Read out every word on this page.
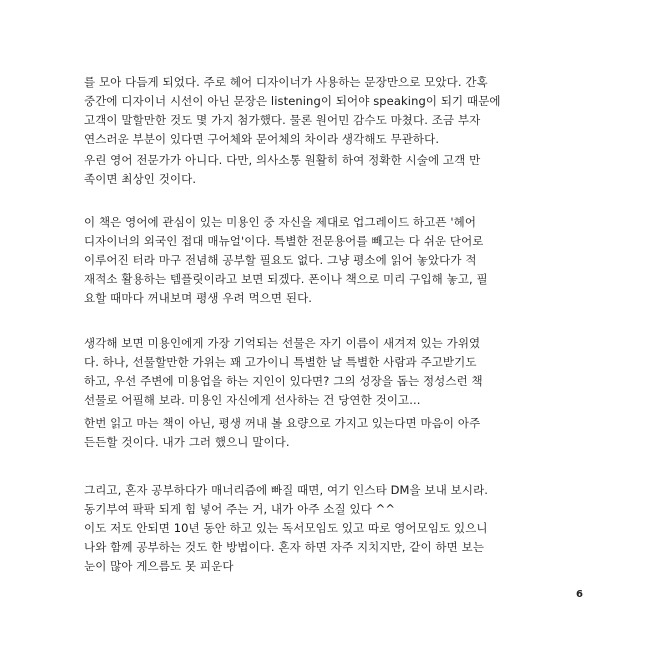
를 모아 다듬게 되었다. 주로 헤어 디자이너가 사용하는 문장만으로 모았다. 간혹
중간에 디자이너 시선이 아닌 문장은 listening이 되어야 speaking이 되기 때문에
고객이 말할만한 것도 몇 가지 첨가했다. 물론 원어민 감수도 마쳤다. 조금 부자
연스러운 부분이 있다면 구어체와 문어체의 차이라 생각해도 무관하다.
우린 영어 전문가가 아니다. 다만, 의사소통 원활히 하여 정확한 시술에 고객 만
족이면 최상인 것이다.
이 책은 영어에 관심이 있는 미용인 중 자신을 제대로 업그레이드 하고픈 '헤어
디자이너의 외국인 접대 매뉴얼'이다. 특별한 전문용어를 빼고는 다 쉬운 단어로
이루어진 터라 마구 전념해 공부할 필요도 없다. 그냥 평소에 읽어 놓았다가 적
재적소 활용하는 템플릿이라고 보면 되겠다. 폰이나 책으로 미리 구입해 놓고, 필
요할 때마다 꺼내보며 평생 우려 먹으면 된다.
생각해 보면 미용인에게 가장 기억되는 선물은 자기 이름이 새겨져 있는 가위였
다. 하나, 선물할만한 가위는 꽤 고가이니 특별한 날 특별한 사람과 주고받기도
하고, 우선 주변에 미용업을 하는 지인이 있다면? 그의 성장을 돕는 정성스런 책
선물로 어필해 보라. 미용인 자신에게 선사하는 건 당연한 것이고...
한번 읽고 마는 책이 아닌, 평생 꺼내 볼 요량으로 가지고 있는다면 마음이 아주
든든할 것이다. 내가 그러 했으니 말이다.
그리고, 혼자 공부하다가 매너리즘에 빠질 때면, 여기 인스타 DM을 보내 보시라.
동기부여 팍팍 되게 힘 넣어 주는 거, 내가 아주 소질 있다 ^^
이도 저도 안되면 10년 동안 하고 있는 독서모임도 있고 따로 영어모임도 있으니
나와 함께 공부하는 것도 한 방법이다. 혼자 하면 자주 지치지만, 같이 하면 보는
눈이 많아 게으름도 못 피운다
6
